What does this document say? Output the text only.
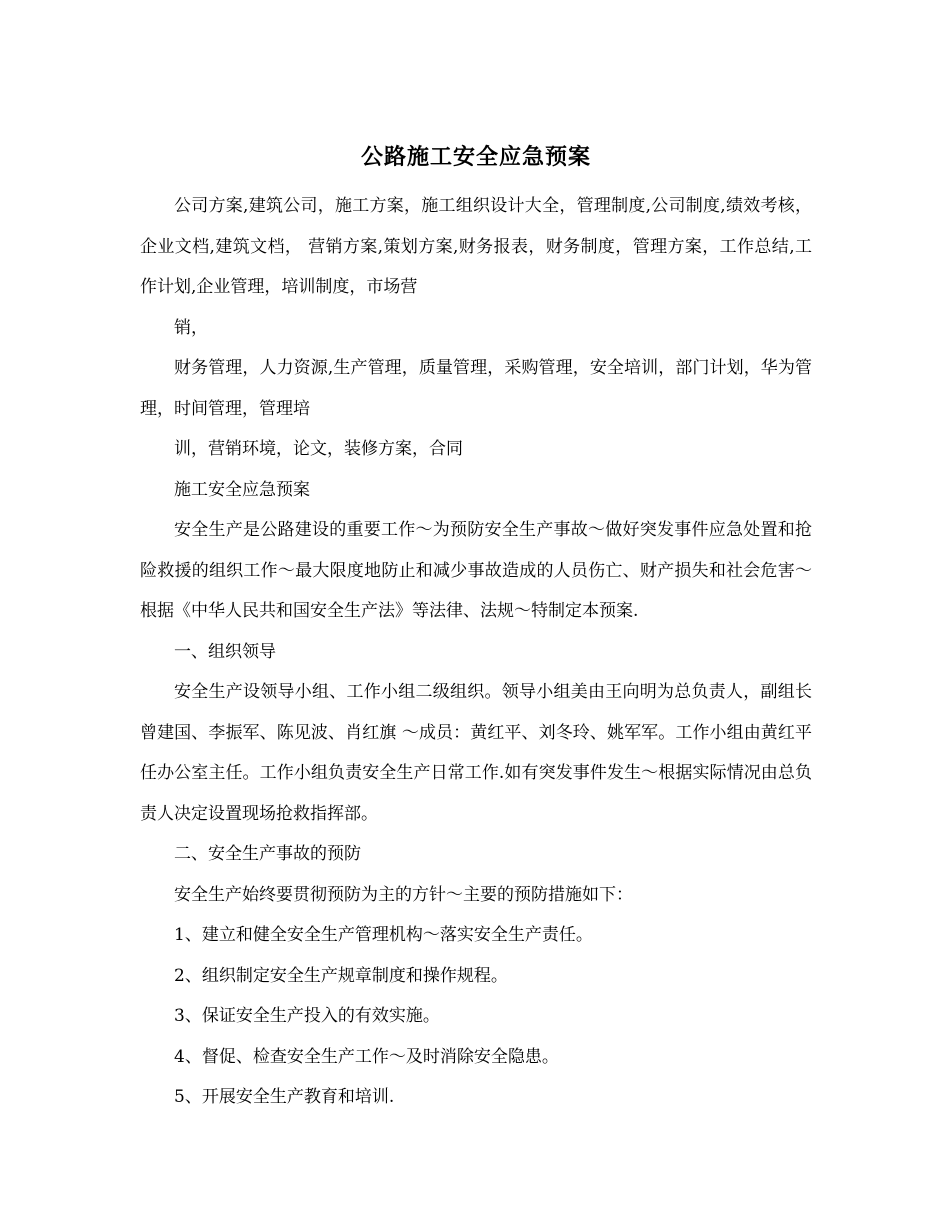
公路施工安全应急预案

公司方案,建筑公司，施工方案，施工组织设计大全，管理制度,公司制度,绩效考核，企业文档,建筑文档， 营销方案,策划方案,财务报表，财务制度，管理方案，工作总结,工作计划,企业管理，培训制度，市场营

销，

财务管理，人力资源,生产管理，质量管理，采购管理，安全培训，部门计划，华为管理，时间管理，管理培

训，营销环境，论文，装修方案，合同

施工安全应急预案

安全生产是公路建设的重要工作～为预防安全生产事故～做好突发事件应急处置和抢险救援的组织工作～最大限度地防止和减少事故造成的人员伤亡、财产损失和社会危害～根据《中华人民共和国安全生产法》等法律、法规～特制定本预案.

一、组织领导

安全生产设领导小组、工作小组二级组织。领导小组美由王向明为总负责人，副组长曾建国、李振军、陈见波、肖红旗 ～成员：黄红平、刘冬玲、姚军军。工作小组由黄红平任办公室主任。工作小组负责安全生产日常工作.如有突发事件发生～根据实际情况由总负责人决定设置现场抢救指挥部。

二、安全生产事故的预防

安全生产始终要贯彻预防为主的方针～主要的预防措施如下：

1、建立和健全安全生产管理机构～落实安全生产责任。

2、组织制定安全生产规章制度和操作规程。

3、保证安全生产投入的有效实施。

4、督促、检查安全生产工作～及时消除安全隐患。

5、开展安全生产教育和培训.
